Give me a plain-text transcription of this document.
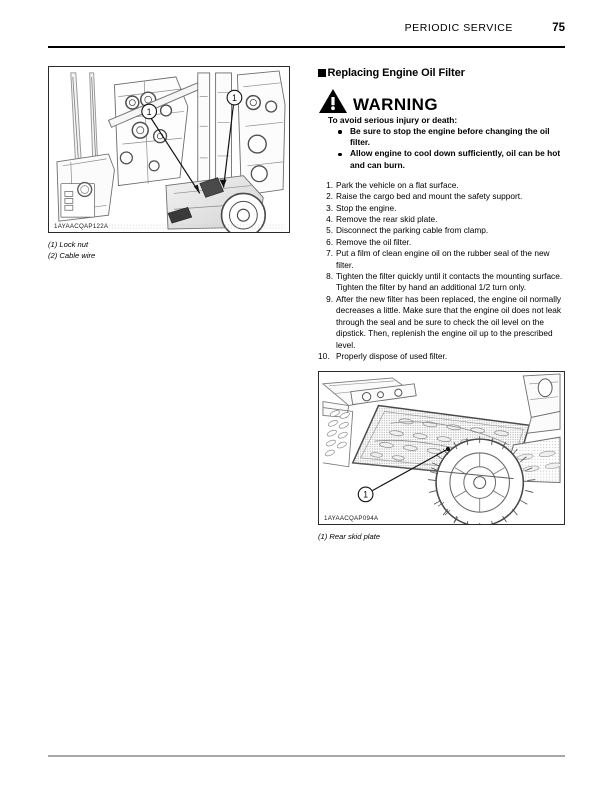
PERIODIC SERVICE	75
1
1
1AYAACQAP122A
(1) Lock nut
(2) Cable wire
Replacing Engine Oil Filter
WARNING
To avoid serious injury or death:
Be sure to stop the engine before changing the oil filter.
Allow engine to cool down sufficiently, oil can be hot and can burn.
1. Park the vehicle on a flat surface.
2. Raise the cargo bed and mount the safety support.
3. Stop the engine.
4. Remove the rear skid plate.
5. Disconnect the parking cable from clamp.
6. Remove the oil filter.
7. Put a film of clean engine oil on the rubber seal of the new filter.
8. Tighten the filter quickly until it contacts the mounting surface.
Tighten the filter by hand an additional 1/2 turn only.
9. After the new filter has been replaced, the engine oil normally decreases a little. Make sure that the engine oil does not leak through the seal and be sure to check the oil level on the dipstick. Then, replenish the engine oil up to the prescribed level.
10. Properly dispose of used filter.
1
1AYAACQAP094A
(1) Rear skid plate
